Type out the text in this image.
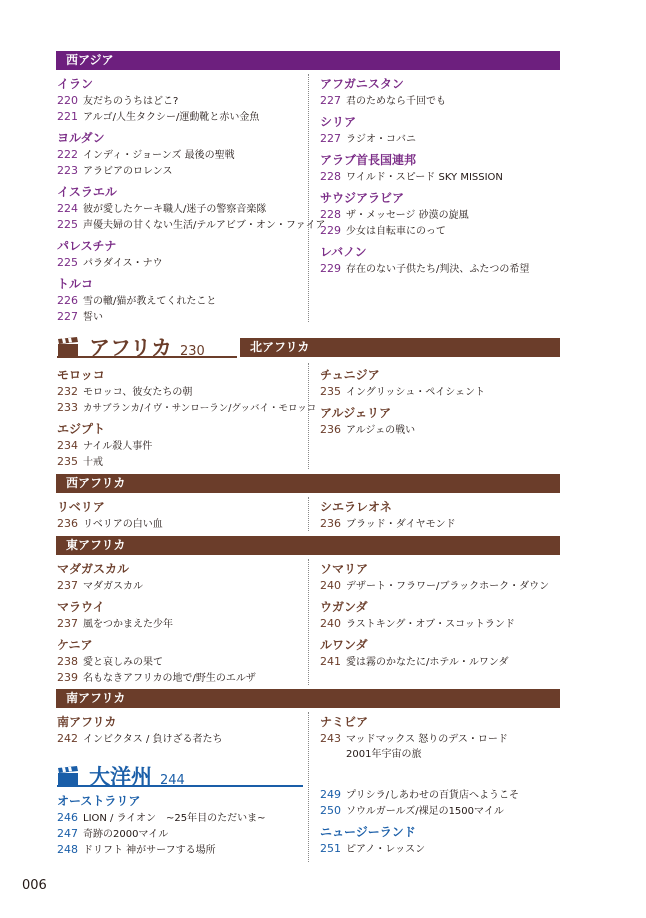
西アジア
イラン
220 友だちのうちはどこ?
221 アルゴ/人生タクシー/運動靴と赤い金魚
ヨルダン
222 インディ・ジョーンズ 最後の聖戦
223 アラビアのロレンス
イスラエル
224 彼が愛したケーキ職人/迷子の警察音楽隊
225 声優夫婦の甘くない生活/テルアビブ・オン・ファイア
パレスチナ
225 パラダイス・ナウ
トルコ
226 雪の轍/猫が教えてくれたこと
227 誓い
アフガニスタン
227 君のためなら千回でも
シリア
227 ラジオ・コバニ
アラブ首長国連邦
228 ワイルド・スピード SKY MISSION
サウジアラビア
228 ザ・メッセージ 砂漠の旋風
229 少女は自転車にのって
レバノン
229 存在のない子供たち/判決、ふたつの希望
アフリカ 230	北アフリカ
モロッコ
232 モロッコ、彼女たちの朝
233 カサブランカ/イヴ・サンローラン/グッバイ・モロッコ
エジプト
234 ナイル殺人事件
235 十戒
チュニジア
235 イングリッシュ・ペイシェント
アルジェリア
236 アルジェの戦い
西アフリカ
リベリア
236 リベリアの白い血
シエラレオネ
236 ブラッド・ダイヤモンド
東アフリカ
マダガスカル
237 マダガスカル
マラウイ
237 風をつかまえた少年
ケニア
238 愛と哀しみの果て
239 名もなきアフリカの地で/野生のエルザ
ソマリア
240 デザート・フラワー/ブラックホーク・ダウン
ウガンダ
240 ラストキング・オブ・スコットランド
ルワンダ
241 愛は霧のかなたに/ホテル・ルワンダ
南アフリカ
南アフリカ
242 インビクタス / 負けざる者たち
ナミビア
243 マッドマックス 怒りのデス・ロード
2001年宇宙の旅
大洋州 244
オーストラリア
246 LION / ライオン　~25年目のただいま~
247 奇跡の2000マイル
248 ドリフト 神がサーフする場所
249 プリシラ/しあわせの百貨店へようこそ
250 ソウルガールズ/裸足の1500マイル
ニュージーランド
251 ピアノ・レッスン
006
